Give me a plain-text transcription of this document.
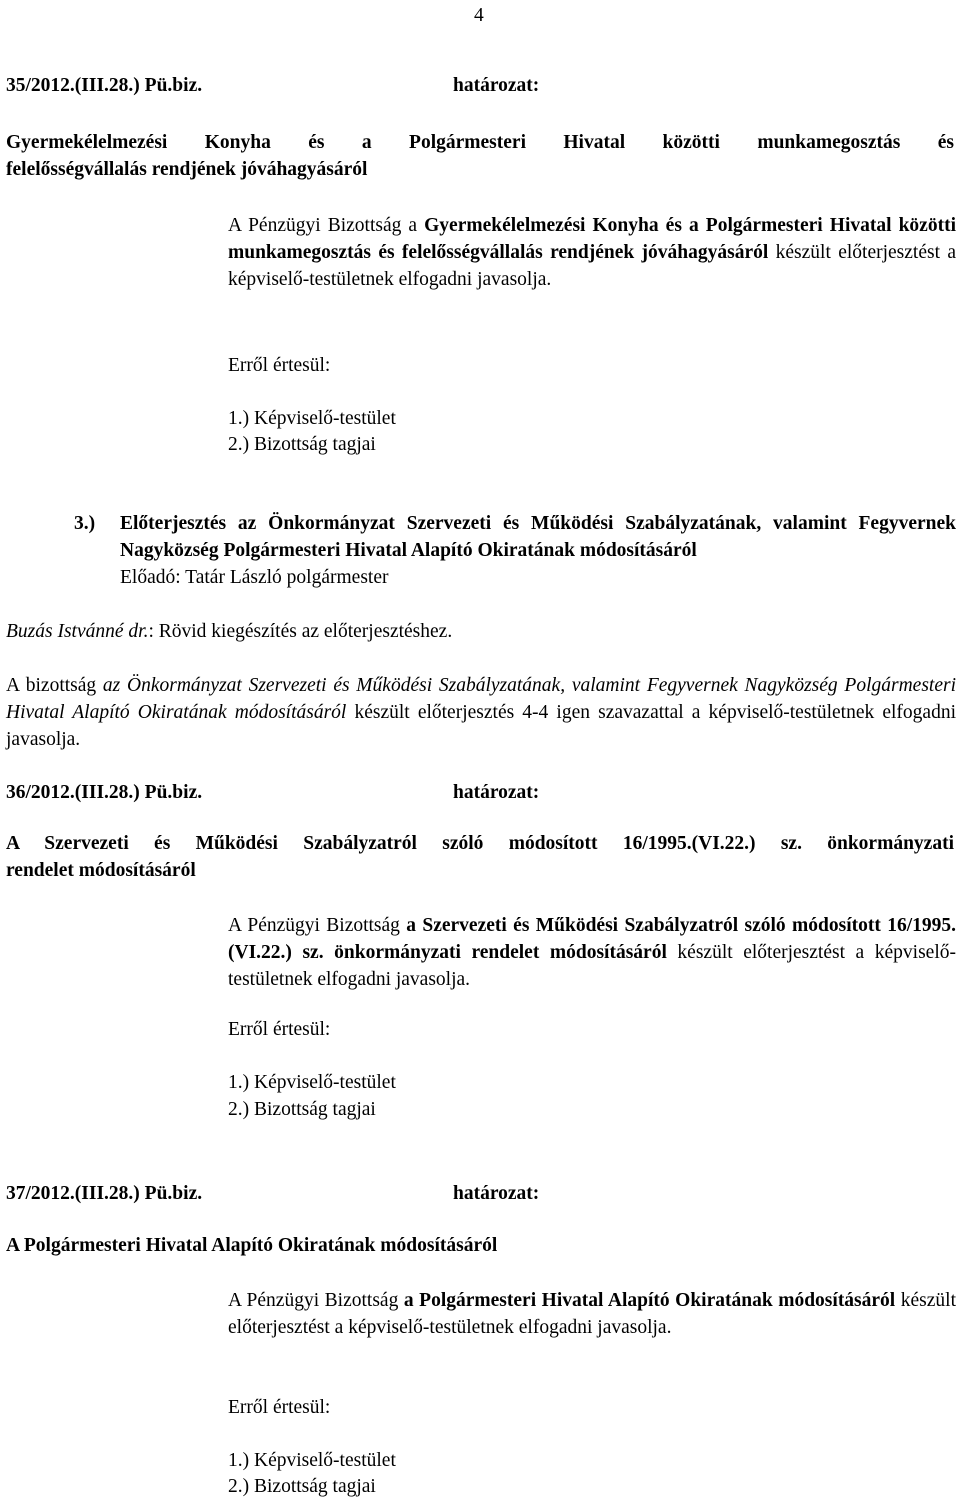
4
35/2012.(III.28.) Pü.biz.	határozat:
Gyermekélelmezési Konyha és a Polgármesteri Hivatal közötti munkamegosztás és
felelősségvállalás rendjének jóváhagyásáról
A Pénzügyi Bizottság a Gyermekélelmezési Konyha és a Polgármesteri Hivatal közötti munkamegosztás és felelősségvállalás rendjének jóváhagyásáról készült előterjesztést a képviselő-testületnek elfogadni javasolja.
Erről értesül:
1.) Képviselő-testület
2.) Bizottság tagjai
3.) Előterjesztés az Önkormányzat Szervezeti és Működési Szabályzatának, valamint Fegyvernek Nagyközség Polgármesteri Hivatal Alapító Okiratának módosításáról
Előadó: Tatár László polgármester
Buzás Istvánné dr.: Rövid kiegészítés az előterjesztéshez.
A bizottság az Önkormányzat Szervezeti és Működési Szabályzatának, valamint Fegyvernek Nagyközség Polgármesteri Hivatal Alapító Okiratának módosításáról készült előterjesztés 4-4 igen szavazattal a képviselő-testületnek elfogadni javasolja.
36/2012.(III.28.) Pü.biz.	határozat:
A Szervezeti és Működési Szabályzatról szóló módosított 16/1995.(VI.22.) sz. önkormányzati
rendelet módosításáról
A Pénzügyi Bizottság a Szervezeti és Működési Szabályzatról szóló módosított 16/1995.(VI.22.) sz. önkormányzati rendelet módosításáról készült előterjesztést a képviselő-testületnek elfogadni javasolja.
Erről értesül:
1.) Képviselő-testület
2.) Bizottság tagjai
37/2012.(III.28.) Pü.biz.	határozat:
A Polgármesteri Hivatal Alapító Okiratának módosításáról
A Pénzügyi Bizottság a Polgármesteri Hivatal Alapító Okiratának módosításáról készült előterjesztést a képviselő-testületnek elfogadni javasolja.
Erről értesül:
1.) Képviselő-testület
2.) Bizottság tagjai
